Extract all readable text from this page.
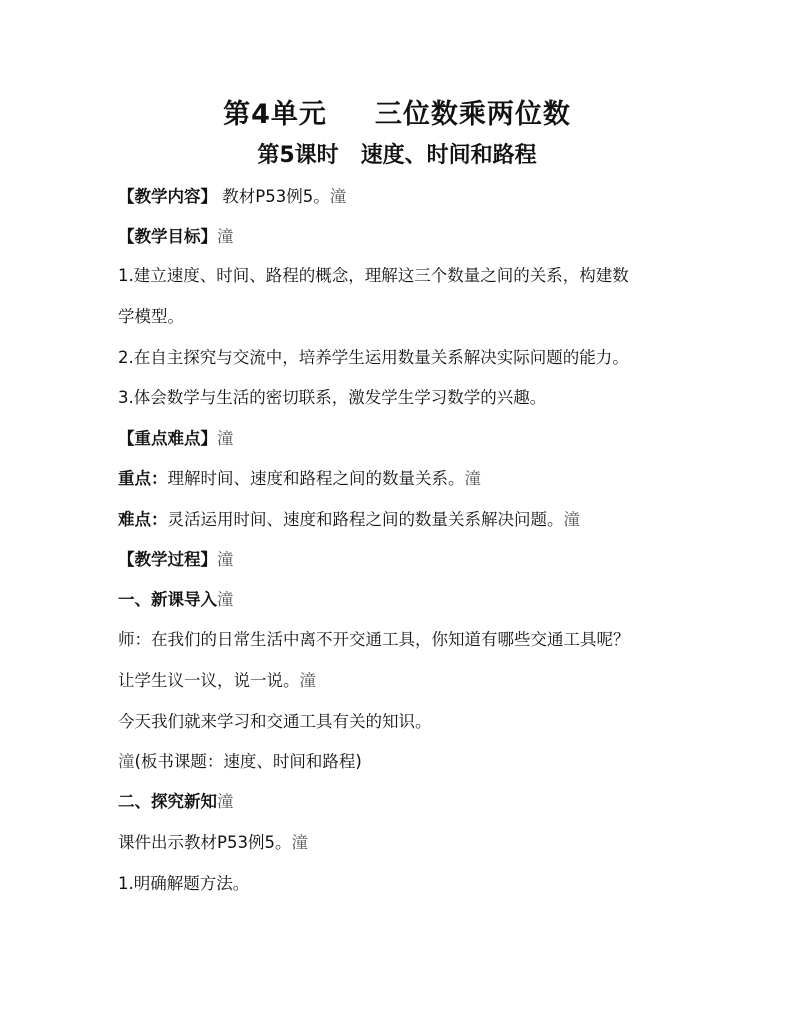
第4单元 三位数乘两位数
第5课时 速度、时间和路程
【教学内容】 教材P53例5。潼
【教学目标】潼
1.建立速度、时间、路程的概念，理解这三个数量之间的关系，构建数
学模型。
2.在自主探究与交流中，培养学生运用数量关系解决实际问题的能力。
3.体会数学与生活的密切联系，激发学生学习数学的兴趣。
【重点难点】潼
重点：理解时间、速度和路程之间的数量关系。潼
难点：灵活运用时间、速度和路程之间的数量关系解决问题。潼
【教学过程】潼
一、新课导入潼
师：在我们的日常生活中离不开交通工具，你知道有哪些交通工具呢？
让学生议一议，说一说。潼
今天我们就来学习和交通工具有关的知识。
潼(板书课题：速度、时间和路程)
二、探究新知潼
课件出示教材P53例5。潼
1.明确解题方法。
